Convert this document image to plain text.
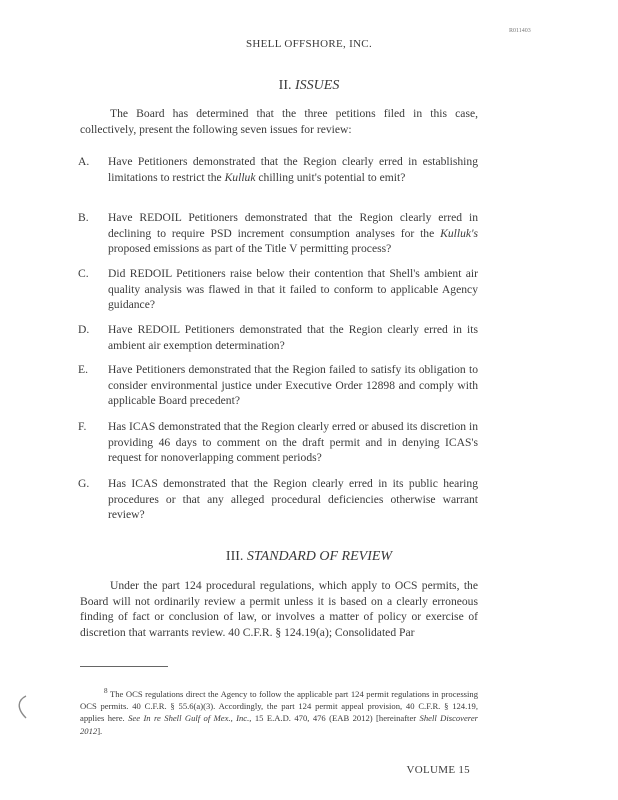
R011403
SHELL OFFSHORE, INC.
II. ISSUES

The Board has determined that the three petitions filed in this case, collectively, present the following seven issues for review:

A. Have Petitioners demonstrated that the Region clearly erred in establishing limitations to restrict the Kulluk chilling unit's potential to emit?

B. Have REDOIL Petitioners demonstrated that the Region clearly erred in declining to require PSD increment consumption analyses for the Kulluk's proposed emissions as part of the Title V permitting process?

C. Did REDOIL Petitioners raise below their contention that Shell's ambient air quality analysis was flawed in that it failed to conform to applicable Agency guidance?

D. Have REDOIL Petitioners demonstrated that the Region clearly erred in its ambient air exemption determination?

E. Have Petitioners demonstrated that the Region failed to satisfy its obligation to consider environmental justice under Executive Order 12898 and comply with applicable Board precedent?

F. Has ICAS demonstrated that the Region clearly erred or abused its discretion in providing 46 days to comment on the draft permit and in denying ICAS's request for nonoverlapping comment periods?

G. Has ICAS demonstrated that the Region clearly erred in its public hearing procedures or that any alleged procedural deficiencies otherwise warrant review?

III. STANDARD OF REVIEW

Under the part 124 procedural regulations, which apply to OCS permits, the Board will not ordinarily review a permit unless it is based on a clearly erroneous finding of fact or conclusion of law, or involves a matter of policy or exercise of discretion that warrants review. 40 C.F.R. § 124.19(a); Consolidated Par

$^8$ The OCS regulations direct the Agency to follow the applicable part 124 permit regulations in processing OCS permits. 40 C.F.R. § 55.6(a)(3). Accordingly, the part 124 permit appeal provision, 40 C.F.R. § 124.19, applies here. See In re Shell Gulf of Mex., Inc., 15 E.A.D. 470, 476 (EAB 2012) [hereinafter Shell Discoverer 2012].

VOLUME 15
